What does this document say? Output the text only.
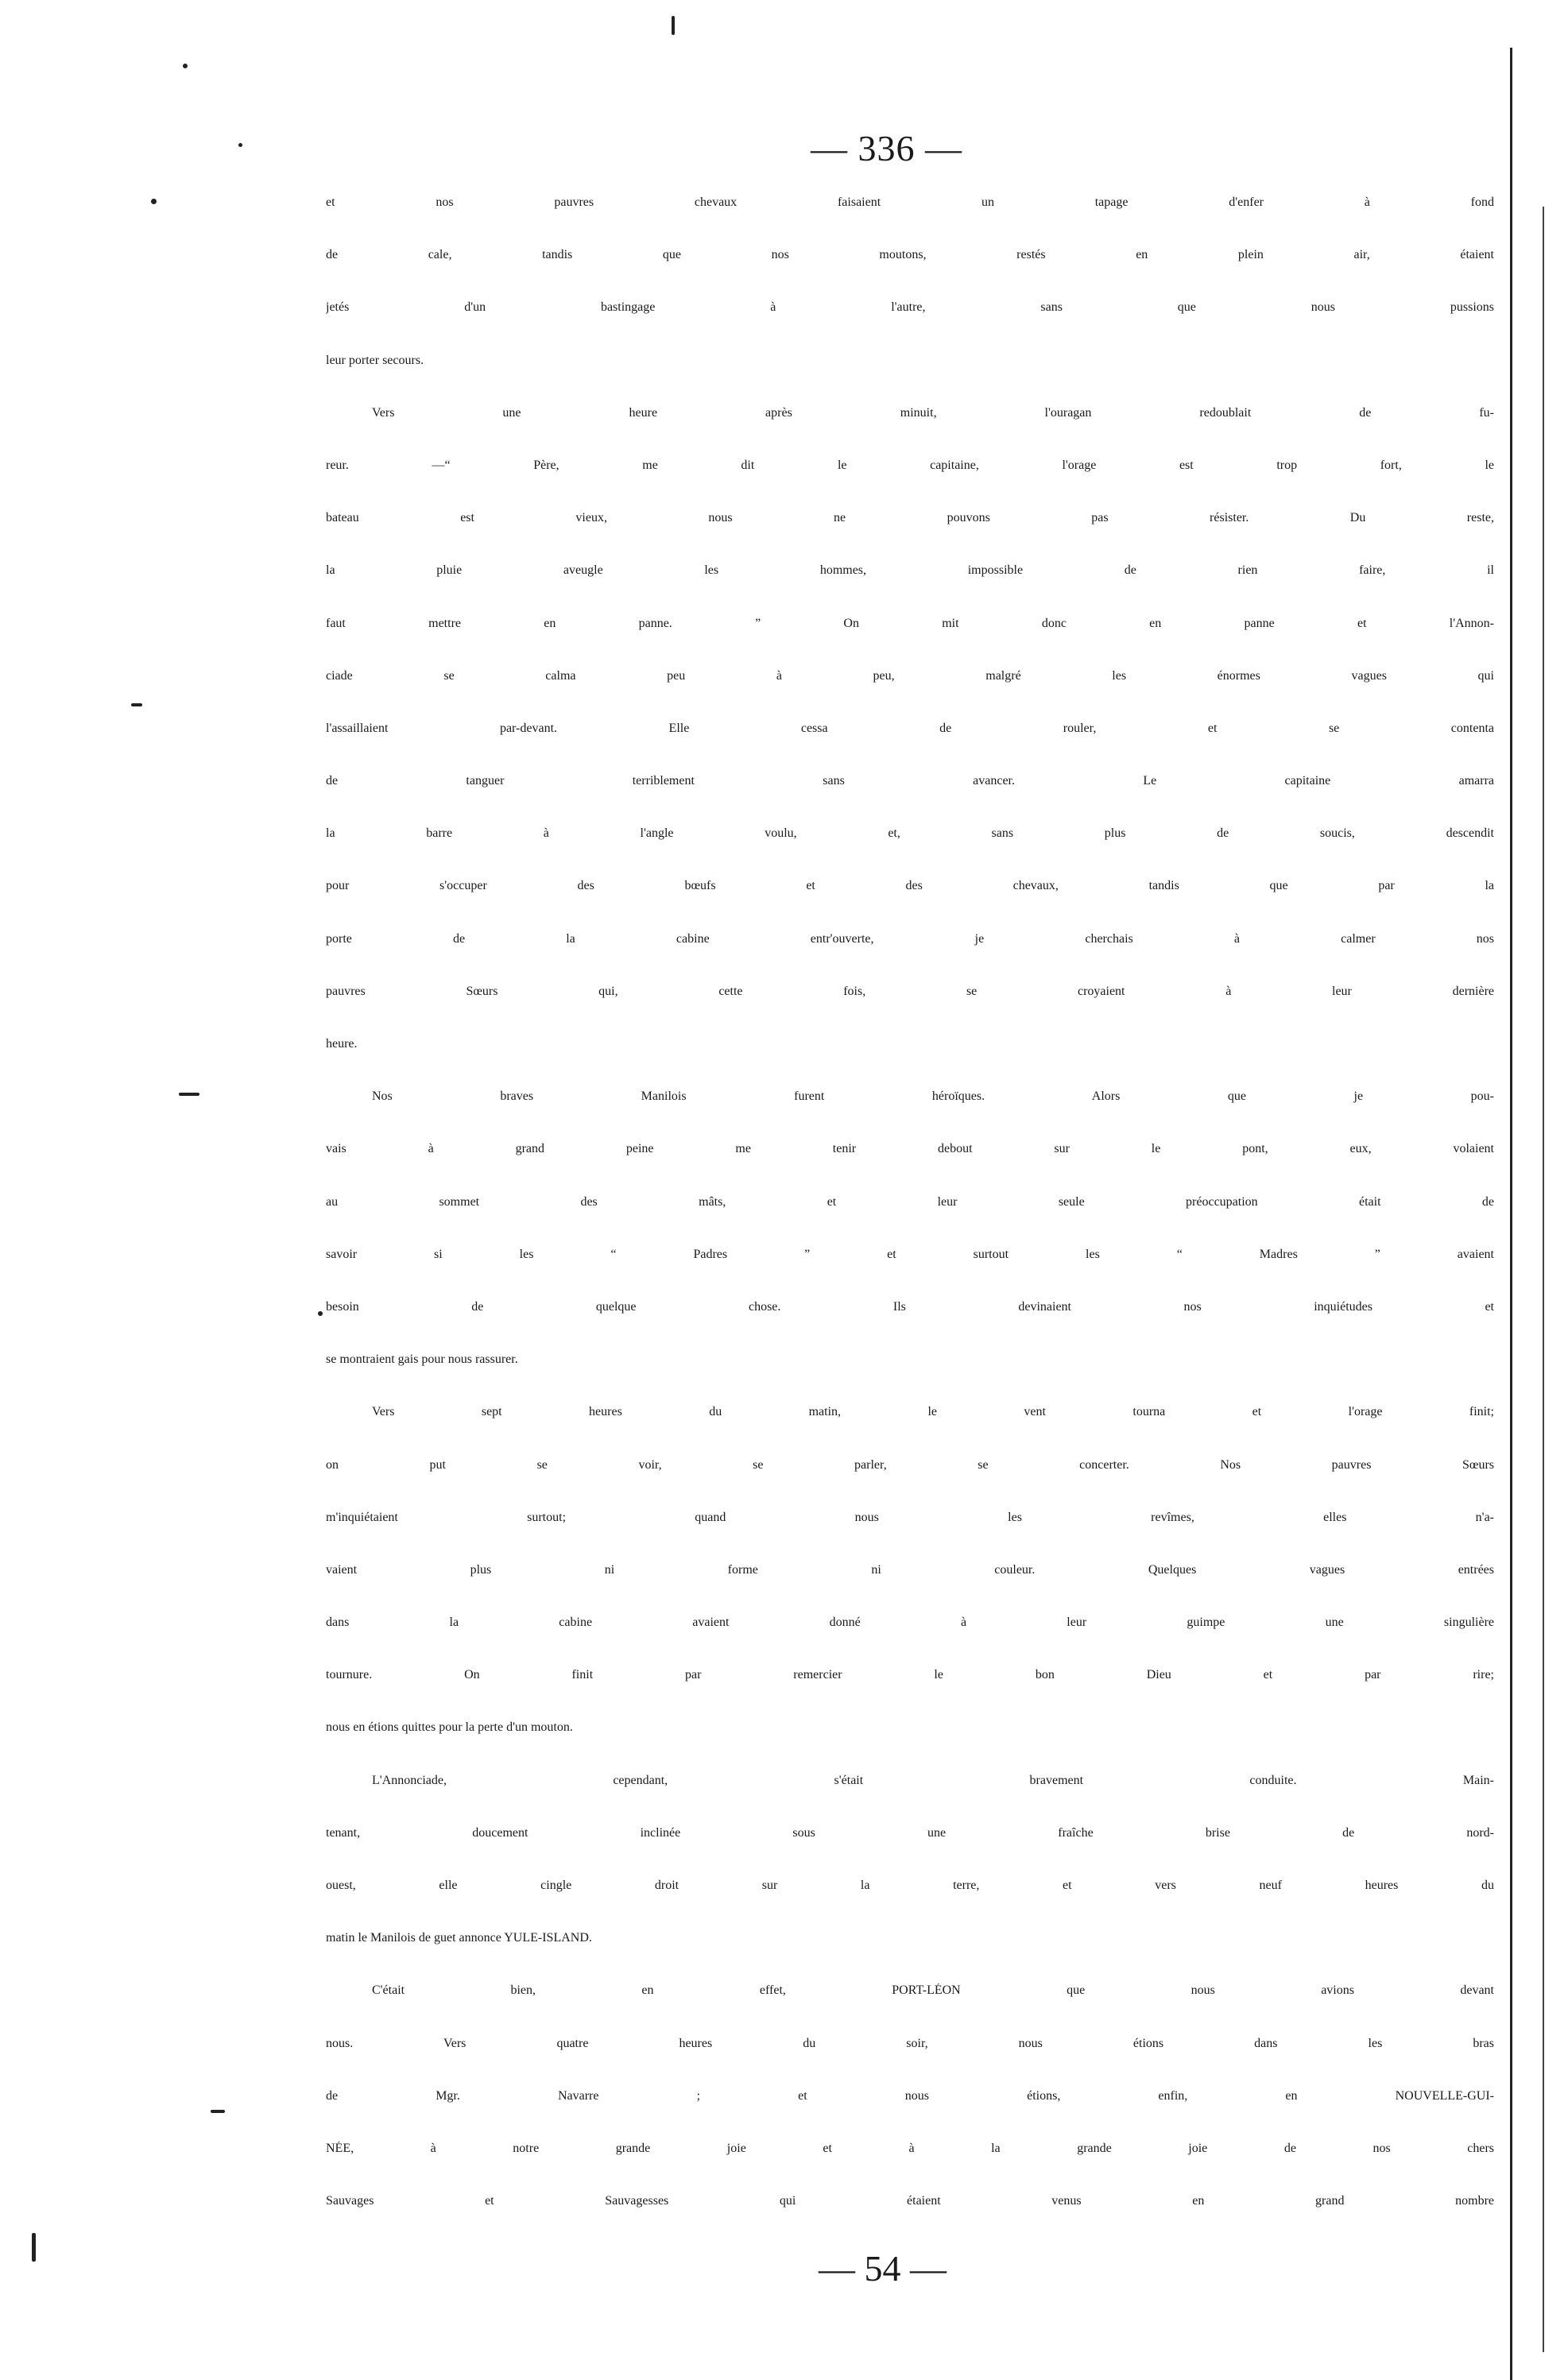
— 336 —
et nos pauvres chevaux faisaient un tapage d'enfer à fond
de cale, tandis que nos moutons, restés en plein air, étaient
jetés d'un bastingage à l'autre, sans que nous pussions
leur porter secours.
Vers une heure après minuit, l'ouragan redoublait de fu-
reur. —“ Père, me dit le capitaine, l'orage est trop fort, le
bateau est vieux, nous ne pouvons pas résister. Du reste,
la pluie aveugle les hommes, impossible de rien faire, il
faut mettre en panne. ” On mit donc en panne et l'Annon-
ciade se calma peu à peu, malgré les énormes vagues qui
l'assaillaient par-devant. Elle cessa de rouler, et se contenta
de tanguer terriblement sans avancer. Le capitaine amarra
la barre à l'angle voulu, et, sans plus de soucis, descendit
pour s'occuper des bœufs et des chevaux, tandis que par la
porte de la cabine entr'ouverte, je cherchais à calmer nos
pauvres Sœurs qui, cette fois, se croyaient à leur dernière
heure.
Nos braves Manilois furent héroïques. Alors que je pou-
vais à grand peine me tenir debout sur le pont, eux, volaient
au sommet des mâts, et leur seule préoccupation était de
savoir si les “ Padres ” et surtout les “ Madres ” avaient
besoin de quelque chose. Ils devinaient nos inquiétudes et
se montraient gais pour nous rassurer.
Vers sept heures du matin, le vent tourna et l'orage finit;
on put se voir, se parler, se concerter. Nos pauvres Sœurs
m'inquiétaient surtout; quand nous les revîmes, elles n'a-
vaient plus ni forme ni couleur. Quelques vagues entrées
dans la cabine avaient donné à leur guimpe une singulière
tournure. On finit par remercier le bon Dieu et par rire;
nous en étions quittes pour la perte d'un mouton.
L'Annonciade, cependant, s'était bravement conduite. Main-
tenant, doucement inclinée sous une fraîche brise de nord-
ouest, elle cingle droit sur la terre, et vers neuf heures du
matin le Manilois de guet annonce YULE-ISLAND.
C'était bien, en effet, PORT-LÉON que nous avions devant
nous. Vers quatre heures du soir, nous étions dans les bras
de Mgr. Navarre ; et nous étions, enfin, en NOUVELLE-GUI-
NÉE, à notre grande joie et à la grande joie de nos chers
Sauvages et Sauvagesses qui étaient venus en grand nombre
— 54 —
